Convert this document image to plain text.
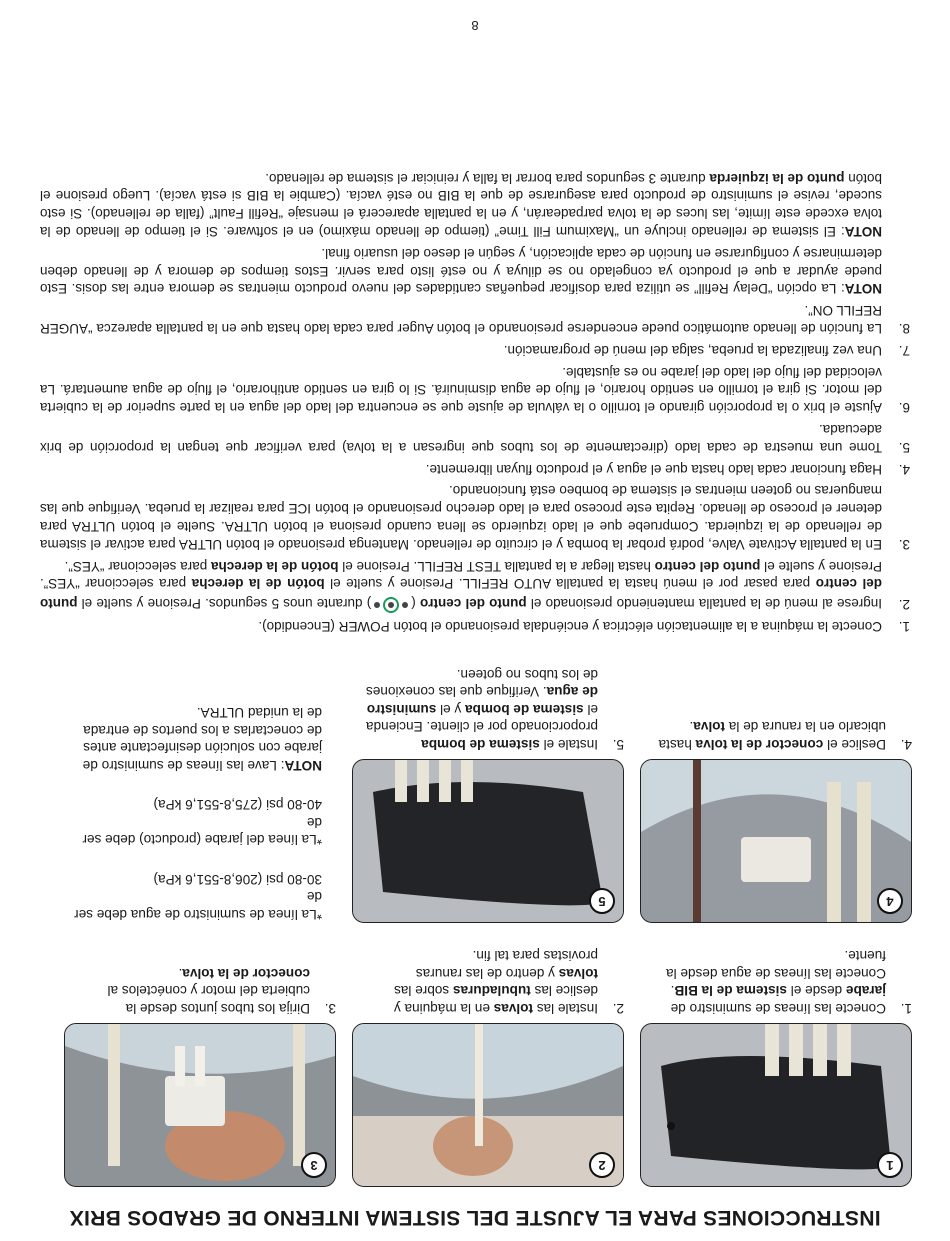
INSTRUCCIONES PARA EL AJUSTE DEL SISTEMA INTERNO DE GRADOS BRIX
1
2
3
1.
Conecte las líneas de suministro de jarabe desde el sistema de la BIB. Conecte las líneas de agua desde la fuente.
2.
Instale las tolvas en la máquina y deslice las tubuladuras sobre las tolvas y dentro de las ranuras provistas para tal fin.
3.
Dirija los tubos juntos desde la cubierta del motor y conéctelos al conector de la tolva.
4
5
*La línea de suministro de agua debe ser de
30-80 psi (206,8-551,6 kPa)
*La línea del jarabe (producto) debe ser de
40-80 psi (275,8-551,6 kPa)
NOTA: Lave las líneas de suministro de jarabe con solución desinfectante antes de conectarlas a los puertos de entrada de la unidad ULTRA.
4.
Deslice el conector de la tolva hasta ubicarlo en la ranura de la tolva.
5.
Instale el sistema de bomba proporcionado por el cliente. Encienda el sistema de bomba y el suministro de agua. Verifique que las conexiones de los tubos no goteen.
1.
Conecte la máquina a la alimentación eléctrica y enciéndala presionando el botón POWER (Encendido).
2.
Ingrese al menú de la pantalla manteniendo presionado el punto del centro () durante unos 5 segundos. Presione y suelte el punto del centro para pasar por el menú hasta la pantalla AUTO REFILL. Presione y suelte el botón de la derecha para seleccionar “YES”. Presione y suelte el punto del centro hasta llegar a la pantalla TEST REFILL. Presione el botón de la derecha para seleccionar “YES”.
3.
En la pantalla Activate Valve, podrá probar la bomba y el circuito de rellenado. Mantenga presionado el botón ULTRA para activar el sistema de rellenado de la izquierda. Compruebe que el lado izquierdo se llena cuando presiona el botón ULTRA. Suelte el botón ULTRA para detener el proceso de llenado. Repita este proceso para el lado derecho presionando el botón ICE para realizar la prueba. Verifique que las mangueras no goteen mientras el sistema de bombeo está funcionando.
4.
Haga funcionar cada lado hasta que el agua y el producto fluyan libremente.
5.
Tome una muestra de cada lado (directamente de los tubos que ingresan a la tolva) para verificar que tengan la proporción de brix adecuada.
6.
Ajuste el brix o la proporción girando el tornillo o la válvula de ajuste que se encuentra del lado del agua en la parte superior de la cubierta del motor. Si gira el tornillo en sentido horario, el flujo de agua disminuirá. Si lo gira en sentido antihorario, el flujo de agua aumentará. La velocidad del flujo del lado del jarabe no es ajustable.
7.
Una vez finalizada la prueba, salga del menú de programación.
8.
La función de llenado automático puede encenderse presionando el botón Auger para cada lado hasta que en la pantalla aparezca “AUGER REFILL ON”.
NOTA: La opción “Delay Refill” se utiliza para dosificar pequeñas cantidades del nuevo producto mientras se demora entre las dosis. Esto puede ayudar a que el producto ya congelado no se diluya y no esté listo para servir. Estos tiempos de demora y de llenado deben determinarse y configurarse en función de cada aplicación, y según el deseo del usuario final.
NOTA: El sistema de rellenado incluye un “Maximum Fill Time” (tiempo de llenado máximo) en el software. Si el tiempo de llenado de la tolva excede este límite, las luces de la tolva parpadearán, y en la pantalla aparecerá el mensaje “Refill Fault” (falla de rellenado). Si esto sucede, revise el suministro de producto para asegurarse de que la BIB no esté vacía. (Cambie la BIB si está vacía). Luego presione el botón punto de la izquierda durante 3 segundos para borrar la falla y reiniciar el sistema de rellenado.
8
